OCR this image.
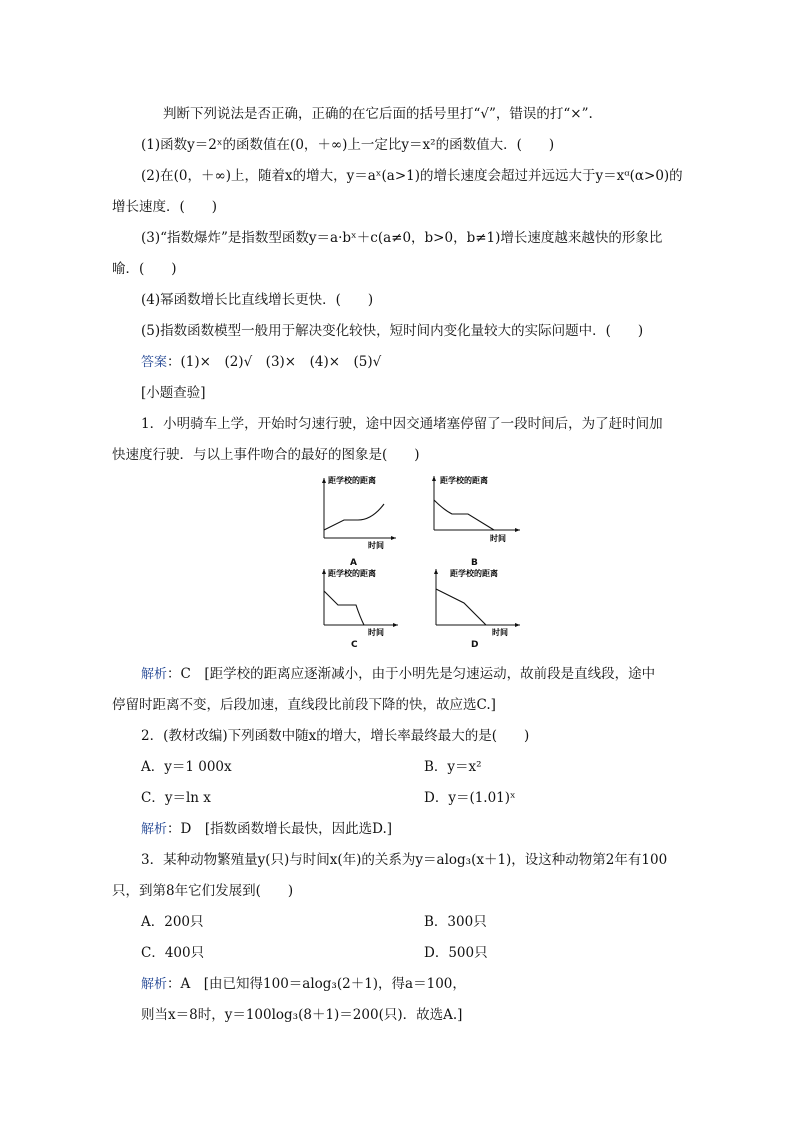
判断下列说法是否正确，正确的在它后面的括号里打“√”，错误的打“×”.
(1)函数y＝2ˣ的函数值在(0，＋∞)上一定比y＝x²的函数值大．(　　)
(2)在(0，＋∞)上，随着x的增大，y＝aˣ(a>1)的增长速度会超过并远远大于y＝xᵅ(α>0)的
增长速度．(　　)
(3)“指数爆炸”是指数型函数y＝a·bˣ＋c(a≠0，b>0，b≠1)增长速度越来越快的形象比
喻．(　　)
(4)幂函数增长比直线增长更快．(　　)
(5)指数函数模型一般用于解决变化较快，短时间内变化量较大的实际问题中．(　　)
答案：(1)×　(2)√　(3)×　(4)×　(5)√
[小题查验]
1．小明骑车上学，开始时匀速行驶，途中因交通堵塞停留了一段时间后，为了赶时间加
快速度行驶．与以上事件吻合的最好的图象是(　　)
距学校的距离
时间
A
距学校的距离
时间
B
距学校的距离
时间
C
距学校的距离
时间
D
解析：C　[距学校的距离应逐渐减小，由于小明先是匀速运动，故前段是直线段，途中
停留时距离不变，后段加速，直线段比前段下降的快，故应选C.]
2．(教材改编)下列函数中随x的增大，增长率最终最大的是(　　)
A．y＝1 000x	B．y＝x²
C．y＝ln x	D．y＝(1.01)ˣ
解析：D　[指数函数增长最快，因此选D.]
3．某种动物繁殖量y(只)与时间x(年)的关系为y＝alog₃(x＋1)，设这种动物第2年有100
只，到第8年它们发展到(　　)
A．200只	B．300只
C．400只	D．500只
解析：A　[由已知得100＝alog₃(2＋1)，得a＝100，
则当x＝8时，y＝100log₃(8＋1)＝200(只)．故选A.]
